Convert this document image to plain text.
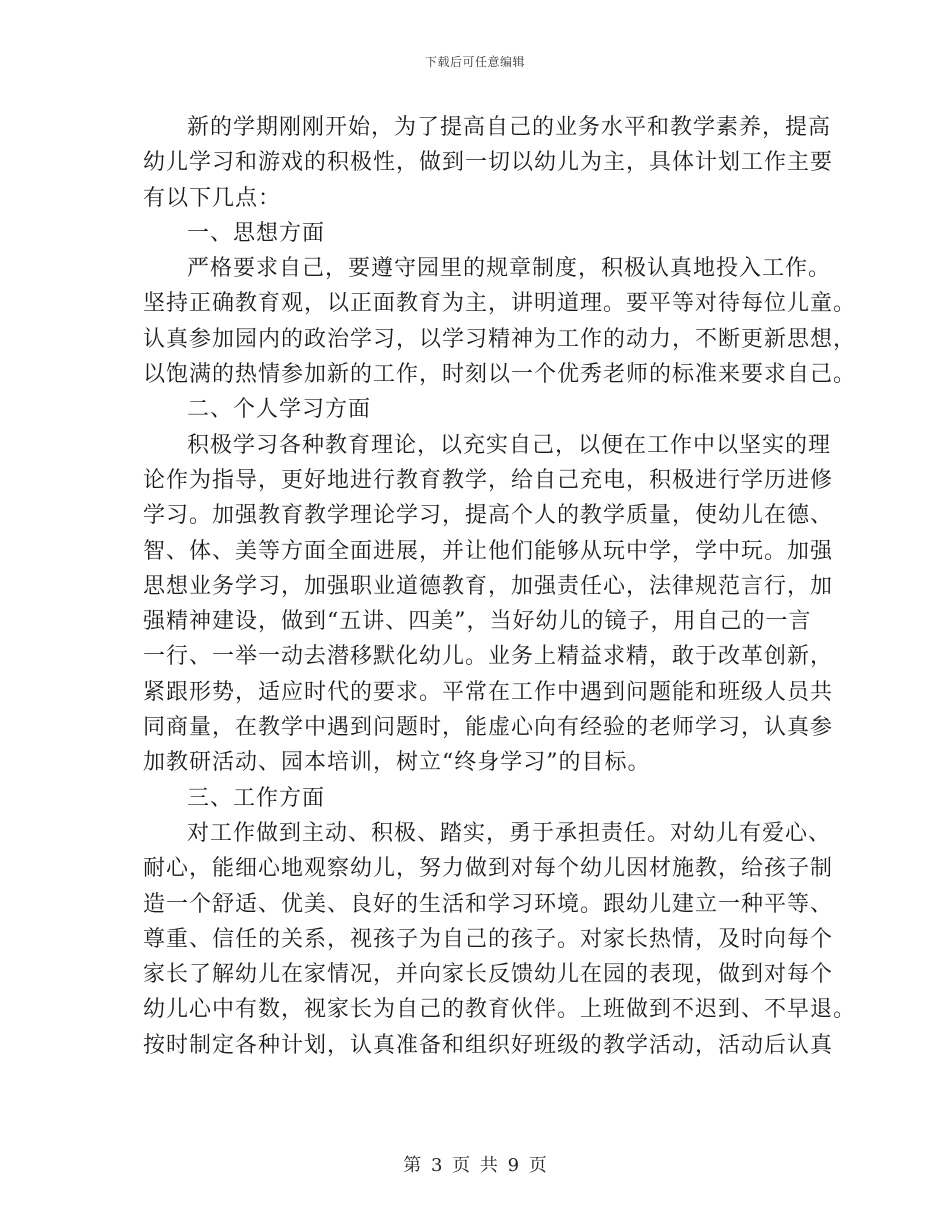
下载后可任意编辑
新的学期刚刚开始，为了提高自己的业务水平和教学素养，提高
幼儿学习和游戏的积极性，做到一切以幼儿为主，具体计划工作主要
有以下几点：
一、思想方面
严格要求自己，要遵守园里的规章制度，积极认真地投入工作。
坚持正确教育观，以正面教育为主，讲明道理。要平等对待每位儿童。
认真参加园内的政治学习，以学习精神为工作的动力，不断更新思想，
以饱满的热情参加新的工作，时刻以一个优秀老师的标准来要求自己。
二、个人学习方面
积极学习各种教育理论，以充实自己，以便在工作中以坚实的理
论作为指导，更好地进行教育教学，给自己充电，积极进行学历进修
学习。加强教育教学理论学习，提高个人的教学质量，使幼儿在德、
智、体、美等方面全面进展，并让他们能够从玩中学，学中玩。加强
思想业务学习，加强职业道德教育，加强责任心，法律规范言行，加
强精神建设，做到“五讲、四美”，当好幼儿的镜子，用自己的一言
一行、一举一动去潜移默化幼儿。业务上精益求精，敢于改革创新，
紧跟形势，适应时代的要求。平常在工作中遇到问题能和班级人员共
同商量，在教学中遇到问题时，能虚心向有经验的老师学习，认真参
加教研活动、园本培训，树立“终身学习”的目标。
三、工作方面
对工作做到主动、积极、踏实，勇于承担责任。对幼儿有爱心、
耐心，能细心地观察幼儿，努力做到对每个幼儿因材施教，给孩子制
造一个舒适、优美、良好的生活和学习环境。跟幼儿建立一种平等、
尊重、信任的关系，视孩子为自己的孩子。对家长热情，及时向每个
家长了解幼儿在家情况，并向家长反馈幼儿在园的表现，做到对每个
幼儿心中有数，视家长为自己的教育伙伴。上班做到不迟到、不早退。
按时制定各种计划，认真准备和组织好班级的教学活动，活动后认真
第 3 页 共 9 页
